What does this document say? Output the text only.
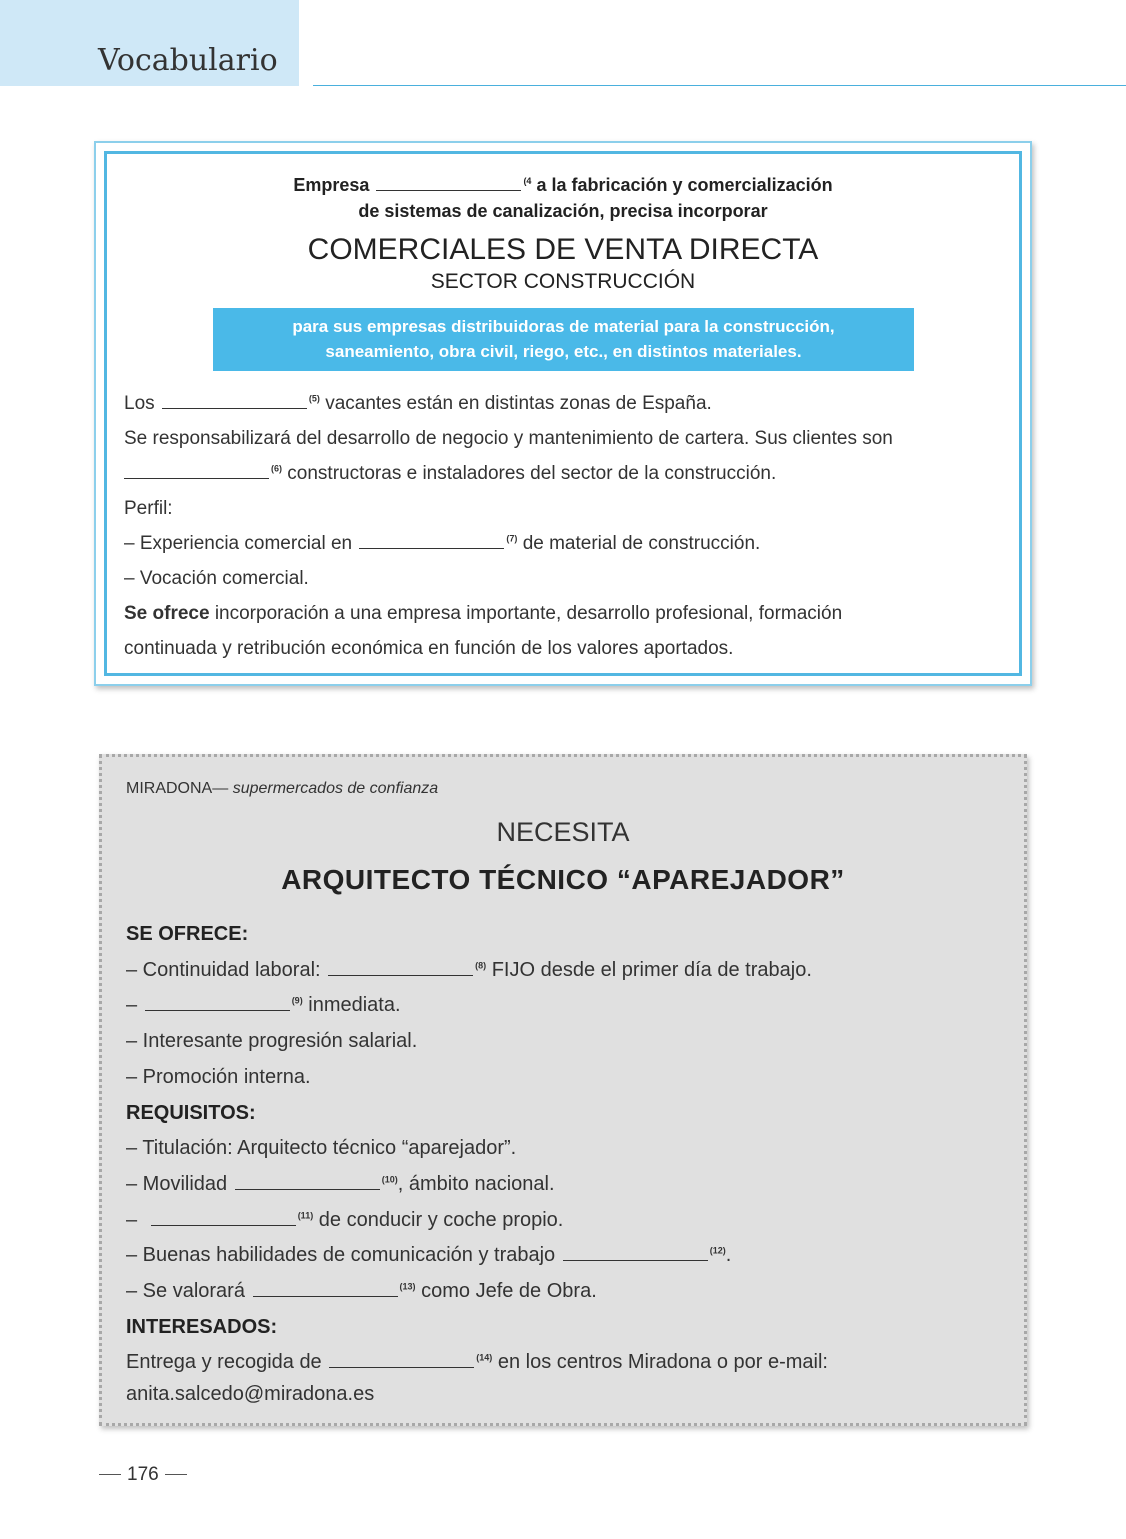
Vocabulario
Empresa	$^{(4}$ a la fabricación y comercialización
de sistemas de canalización, precisa incorporar
COMERCIALES DE VENTA DIRECTA
SECTOR CONSTRUCCIÓN
para sus empresas distribuidoras de material para la construcción,
saneamiento, obra civil, riego, etc., en distintos materiales.

Los	$^{(5)}$ vacantes están en distintas zonas de España.

Se responsabilizará del desarrollo de negocio y mantenimiento de cartera. Sus clientes son

$^{(6)}$ constructoras e instaladores del sector de la construcción.

Perfil:

– Experiencia comercial en	$^{(7)}$ de material de construcción.

– Vocación comercial.

Se ofrece incorporación a una empresa importante, desarrollo profesional, formación

continuada y retribución económica en función de los valores aportados.

MIRADONA— supermercados de confianza
NECESITA
ARQUITECTO TÉCNICO “APAREJADOR”

SE OFRECE:

– Continuidad laboral:	$^{(8)}$ FIJO desde el primer día de trabajo.

–	$^{(9)}$ inmediata.

– Interesante progresión salarial.

– Promoción interna.

REQUISITOS:

– Titulación: Arquitecto técnico “aparejador”.

– Movilidad	$^{(10)}$, ámbito nacional.

–	$^{(11)}$ de conducir y coche propio.

– Buenas habilidades de comunicación y trabajo	$^{(12)}$.

– Se valorará	$^{(13)}$ como Jefe de Obra.

INTERESADOS:

Entrega y recogida de	$^{(14)}$ en los centros Miradona o por e-mail:

anita.salcedo@miradona.es

176
